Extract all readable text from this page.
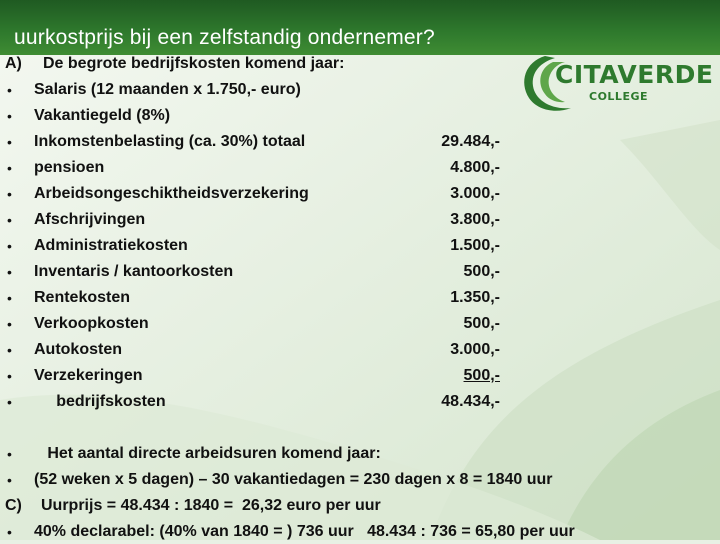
uurkostprijs bij een zelfstandig ondernemer?
CITAVERDE
COLLEGE
A) De begrote bedrijfskosten komend jaar:
• Salaris (12 maanden x 1.750,- euro)
• Vakantiegeld (8%)
• Inkomstenbelasting (ca. 30%) totaal	29.484,-
• pensioen	4.800,-
• Arbeidsongeschiktheidsverzekering	3.000,-
• Afschrijvingen	3.800,-
• Administratiekosten	1.500,-
• Inventaris / kantoorkosten	500,-
• Rentekosten	1.350,-
• Verkoopkosten	500,-
• Autokosten	3.000,-
• Verzekeringen	500,-
• bedrijfskosten	48.434,-
• Het aantal directe arbeidsuren komend jaar:
• (52 weken x 5 dagen) – 30 vakantiedagen = 230 dagen x 8 = 1840 uur
C) Uurprijs = 48.434 : 1840 =  26,32 euro per uur
• 40% declarabel: (40% van 1840 = ) 736 uur   48.434 : 736 = 65,80 per uur
